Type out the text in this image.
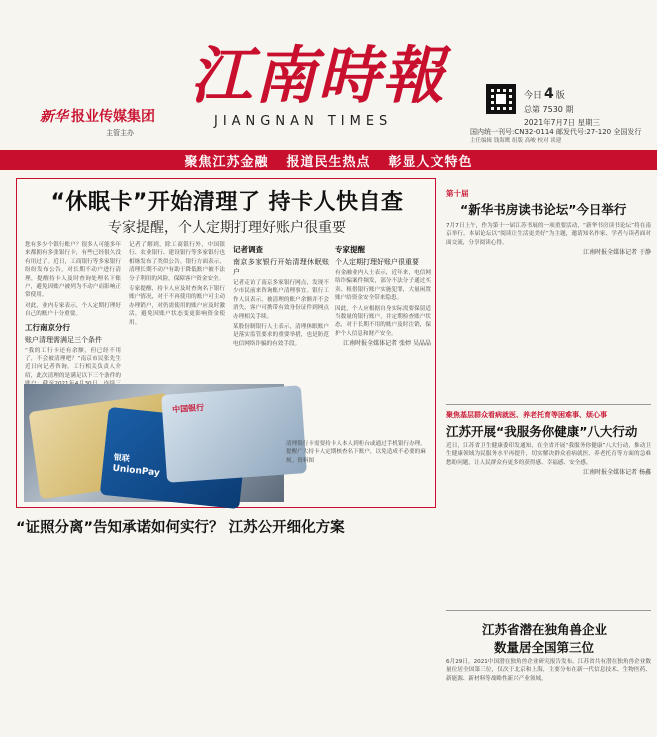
新华 报业传媒集团
主管主办
江南時報
JIANGNAN TIMES
今日 4 版
总第 7530 期
2021年7月7日 星期三
国内统一刊号:CN32-0114 邮发代号:27-120 全国发行
主任编辑 钱海鹰 组版 高峻 校对 谈建
聚焦江苏金融 报道民生热点 彰显人文特色
“休眠卡”开始清理了 持卡人快自查
专家提醒，个人定期打理好账户很重要

您有多少个银行账户？很多人可能多年来都拥有多张银行卡，有些已经很久没有用过了。近日，工商银行等多家银行纷纷发布公告，对长期不动户进行清理，提醒持卡人及时查询处理名下账户，避免因账户被列为不动户而影响正常使用。

对此，业内专家表示，个人定期打理好自己的账户十分重要。

工行南京分行
账户清理需满足三个条件

“我的工行卡还有余额，但已经不用了，不会被清理吧？”南京市民张先生近日向记者咨询。工行相关负责人介绍，此次清理的是满足以下三个条件的

记者了解到，除工商银行外，中国银行、农业银行、建设银行等多家银行也相继发布了类似公告。银行方面表示，清理长期不动户有助于降低账户被不法分子利用的风险，保障客户资金安全。

专家提醒，持卡人应及时查询名下银行账户情况，对于不再使用的账户可主动办理销户，对仍需使用的账户应及时激活，避免因账户状态变更影响资金使用。

记者调查
南京多家银行开始清理休眠账户

记者走访了南京多家银行网点，发现不少市民前来咨询账户清理事宜。银行工作人员表示，被清理的账户余额并不会消失，客户可携带有效身份证件到网点办理相关手续。

某股份制银行人士表示，清理休眠账户是落实监管要求的重要举措，也是防范电信网络诈骗的有效手段。

专家提醒
个人定期打理好账户很重要

有金融业内人士表示，近年来，电信网络诈骗案件频发，部分不法分子通过买卖、租借银行账户实施犯罪，大量闲置账户给资金安全带来隐患。

因此，个人应根据自身实际需要保留适当数量的银行账户，并定期检查账户状态，对于长期不用的账户及时注销，保护个人信息和财产安全。

江南时报全媒体记者 张婷 吴晶晶
UnionPay
银联
中国银行
清理银行卡需要持卡人本人到柜台或通过手机银行办理。提醒广大持卡人定期核查名下账户，以免造成不必要的麻烦。资料图
“证照分离”告知承诺如何实行？ 江苏公开细化方案
第十届
“新华书房读书论坛”今日举行

7月7日上午，作为第十一届江苏书展的一项重要活动，“新华书房读书论坛”将在南京举行。本届论坛以“阅读让生活更美好”为主题，邀请知名作家、学者与读者面对面交流，分享阅读心得。

江南时报全媒体记者 于静
聚焦基层群众看病就医、养老托育等困难事、烦心事
江苏开展“我服务你健康”八大行动

近日，江苏省卫生健康委印发通知，在全省开展“我服务你健康”八大行动，推动卫生健康领域为民服务水平再提升，切实解决群众看病就医、养老托育等方面的急难愁盼问题，让人民群众有更多的获得感、幸福感、安全感。

江南时报全媒体记者 杨鑫
江苏省潜在独角兽企业
数量居全国第三位

6月29日，2021中国潜在独角兽企业研究报告发布。江苏省共有潜在独角兽企业数量位居全国第三位，仅次于北京和上海，主要分布在新一代信息技术、生物医药、新能源、新材料等战略性新兴产业领域。
